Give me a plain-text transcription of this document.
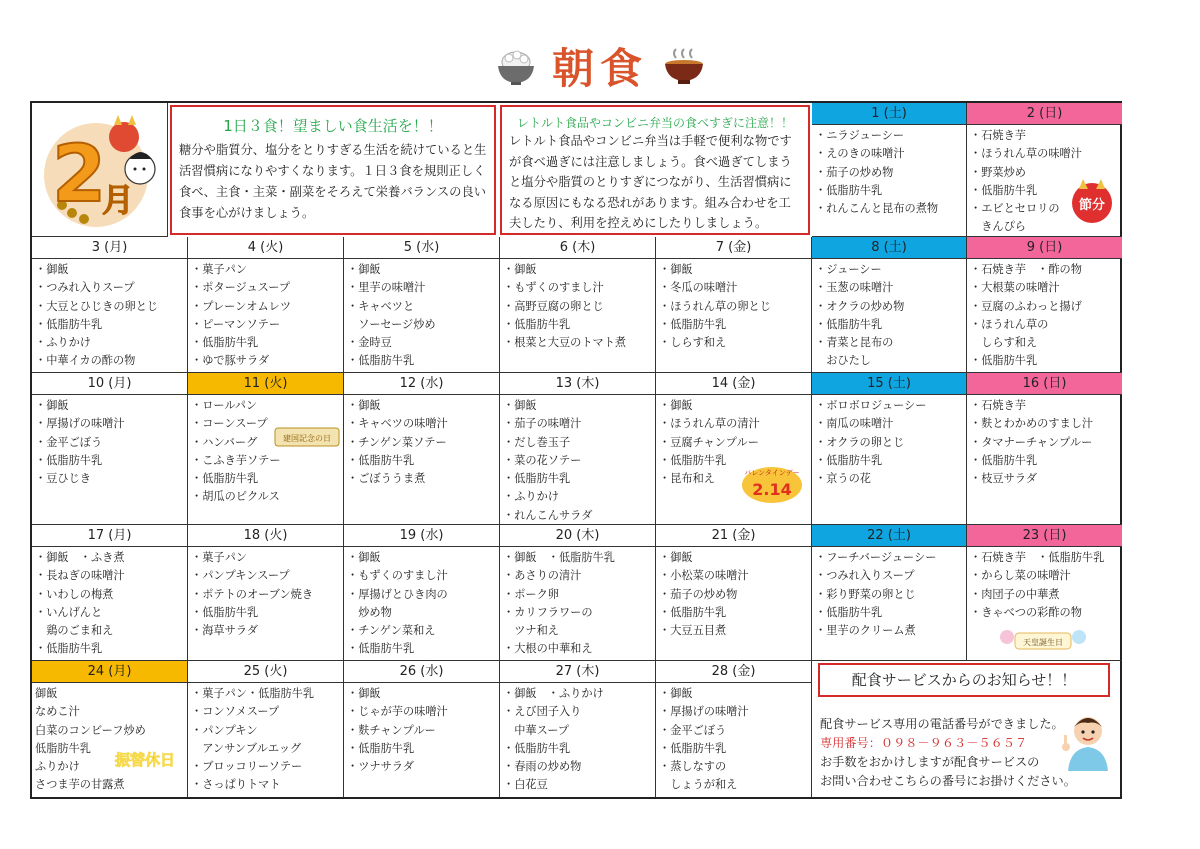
朝食
2
月
1日３食！望ましい食生活を！！

糖分や脂質分、塩分をとりすぎる生活を続けていると生活習慣病になりやすくなります。１日３食を規則正しく食べ、主食・主菜・副菜をそろえて栄養バランスの良い食事を心がけましょう。

レトルト食品やコンビニ弁当の食べすぎに注意！！

レトルト食品やコンビニ弁当は手軽で便利な物ですが食べ過ぎには注意しましょう。食べ過ぎてしまうと塩分や脂質のとりすぎにつながり、生活習慣病になる原因にもなる恐れがあります。組み合わせを工夫したり、利用を控えめにしたりしましょう。

1 (土)
・ニラジューシー
・えのきの味噌汁
・茄子の炒め物
・低脂肪牛乳
・れんこんと昆布の煮物
2 (日)
・石焼き芋
・ほうれん草の味噌汁
・野菜炒め
・低脂肪牛乳
・エビとセロリの
　きんぴら
節分
3 (月)
・御飯
・つみれ入りスープ
・大豆とひじきの卵とじ
・低脂肪牛乳
・ふりかけ
・中華イカの酢の物
4 (火)
・菓子パン
・ポタージュスープ
・プレーンオムレツ
・ピーマンソテー
・低脂肪牛乳
・ゆで豚サラダ
5 (水)
・御飯
・里芋の味噌汁
・キャベツと
　ソーセージ炒め
・金時豆
・低脂肪牛乳
6 (木)
・御飯
・もずくのすまし汁
・高野豆腐の卵とじ
・低脂肪牛乳
・根菜と大豆のトマト煮
7 (金)
・御飯
・冬瓜の味噌汁
・ほうれん草の卵とじ
・低脂肪牛乳
・しらす和え
8 (土)
・ジューシー
・玉葱の味噌汁
・オクラの炒め物
・低脂肪牛乳
・青菜と昆布の
　おひたし
9 (日)
・石焼き芋　・酢の物
・大根葉の味噌汁
・豆腐のふわっと揚げ
・ほうれん草の
　しらす和え
・低脂肪牛乳
10 (月)
・御飯
・厚揚げの味噌汁
・金平ごぼう
・低脂肪牛乳
・豆ひじき
11 (火)
・ロールパン
・コーンスープ
・ハンバーグ
・こふき芋ソテー
・低脂肪牛乳
・胡瓜のピクルス
建国記念の日
12 (水)
・御飯
・キャベツの味噌汁
・チンゲン菜ソテー
・低脂肪牛乳
・ごぼううま煮
13 (木)
・御飯
・茄子の味噌汁
・だし巻玉子
・菜の花ソテー
・低脂肪牛乳
・ふりかけ
・れんこんサラダ
14 (金)
・御飯
・ほうれん草の清汁
・豆腐チャンプルー
・低脂肪牛乳
・昆布和え	バレンタインデー
2.14
15 (土)
・ボロボロジューシー
・南瓜の味噌汁
・オクラの卵とじ
・低脂肪牛乳
・京うの花
16 (日)
・石焼き芋
・麩とわかめのすまし汁
・タマナーチャンプルー
・低脂肪牛乳
・枝豆サラダ
17 (月)
・御飯　・ふき煮
・長ねぎの味噌汁
・いわしの梅煮
・いんげんと
　鶏のごま和え
・低脂肪牛乳
18 (火)
・菓子パン
・パンプキンスープ
・ポテトのオーブン焼き
・低脂肪牛乳
・海草サラダ
19 (水)
・御飯
・もずくのすまし汁
・厚揚げとひき肉の
　炒め物
・チンゲン菜和え
・低脂肪牛乳
20 (木)
・御飯　・低脂肪牛乳
・あさりの清汁
・ポーク卵
・カリフラワーの
　ツナ和え
・大根の中華和え
21 (金)
・御飯
・小松菜の味噌汁
・茄子の炒め物
・低脂肪牛乳
・大豆五目煮
22 (土)
・フーチバージューシー
・つみれ入りスープ
・彩り野菜の卵とじ
・低脂肪牛乳
・里芋のクリーム煮
23 (日)
・石焼き芋　・低脂肪牛乳
・からし菜の味噌汁
・肉団子の中華煮
・きゃべつの彩酢の物
天皇誕生日
24 (月)
御飯
なめこ汁
白菜のコンビーフ炒め
低脂肪牛乳
ふりかけ
さつま芋の甘露煮
振替休日
25 (火)
・菓子パン・低脂肪牛乳
・コンソメスープ
・パンプキン
　アンサンブルエッグ
・ブロッコリーソテー
・さっぱりトマト
26 (水)
・御飯
・じゃが芋の味噌汁
・麩チャンプルー
・低脂肪牛乳
・ツナサラダ
27 (木)
・御飯　・ふりかけ
・えび団子入り
　中華スープ
・低脂肪牛乳
・春雨の炒め物
・白花豆
28 (金)
・御飯
・厚揚げの味噌汁
・金平ごぼう
・低脂肪牛乳
・蒸しなすの
　しょうが和え
配食サービスからのお知らせ！！
配食サービス専用の電話番号ができました。
専用番号：０９８－９６３－５６５７
お手数をおかけしますが配食サービスの
お問い合わせこちらの番号にお掛けください。
